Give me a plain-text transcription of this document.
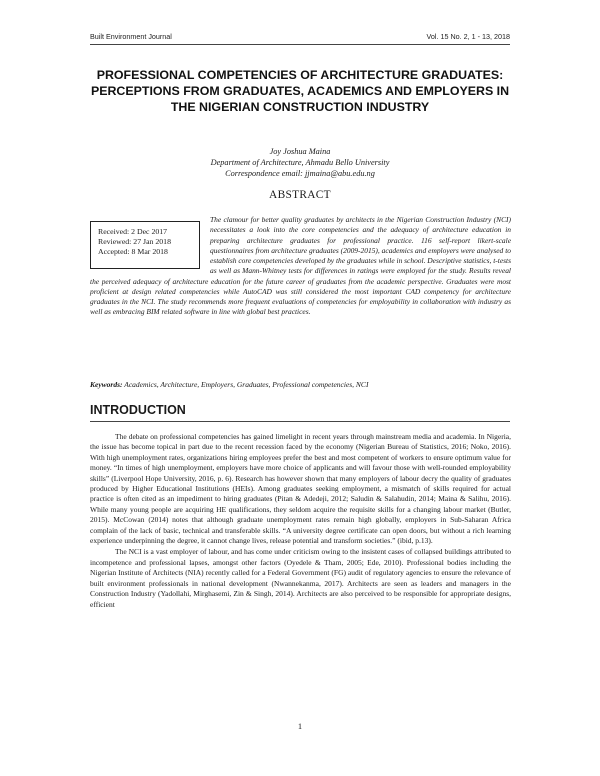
Built Environment Journal	Vol. 15 No. 2, 1 - 13, 2018
PROFESSIONAL COMPETENCIES OF ARCHITECTURE GRADUATES: PERCEPTIONS FROM GRADUATES, ACADEMICS AND EMPLOYERS IN THE NIGERIAN CONSTRUCTION INDUSTRY
Joy Joshua Maina
Department of Architecture, Ahmadu Bello University
Correspondence email: jjmaina@abu.edu.ng
ABSTRACT
Received: 2 Dec 2017
Reviewed: 27 Jan 2018
Accepted: 8 Mar 2018
The clamour for better quality graduates by architects in the Nigerian Construction Industry (NCI) necessitates a look into the core competencies and the adequacy of architecture education in preparing architecture graduates for professional practice. 116 self-report likert-scale questionnaires from architecture graduates (2009-2015), academics and employers were analysed to establish core competencies developed by the graduates while in school. Descriptive statistics, t-tests as well as Mann-Whitney tests for differences in ratings were employed for the study. Results reveal the perceived adequacy of architecture education for the future career of graduates from the academic perspective. Graduates were most proficient at design related competencies while AutoCAD was still considered the most important CAD competency for architecture graduates in the NCI. The study recommends more frequent evaluations of competencies for employability in collaboration with industry as well as embracing BIM related software in line with global best practices.
Keywords: Academics, Architecture, Employers, Graduates, Professional competencies, NCI
INTRODUCTION

The debate on professional competencies has gained limelight in recent years through mainstream media and academia. In Nigeria, the issue has become topical in part due to the recent recession faced by the economy (Nigerian Bureau of Statistics, 2016; Noko, 2016). With high unemployment rates, organizations hiring employees prefer the best and most competent of workers to ensure optimum value for money. “In times of high unemployment, employers have more choice of applicants and will favour those with well-rounded employability skills” (Liverpool Hope University, 2016, p. 6). Research has however shown that many employers of labour decry the quality of graduates produced by Higher Educational Institutions (HEIs). Among graduates seeking employment, a mismatch of skills required for actual practice is often cited as an impediment to hiring graduates (Pitan & Adedeji, 2012; Saludin & Salahudin, 2014; Maina & Salihu, 2016). While many young people are acquiring HE qualifications, they seldom acquire the requisite skills for a changing labour market (Butler, 2015). McCowan (2014) notes that although graduate unemployment rates remain high globally, employers in Sub-Saharan Africa complain of the lack of basic, technical and transferable skills. “A university degree certificate can open doors, but without a rich learning experience underpinning the degree, it cannot change lives, release potential and transform societies.” (ibid, p.13).

The NCI is a vast employer of labour, and has come under criticism owing to the insistent cases of collapsed buildings attributed to incompetence and professional lapses, amongst other factors (Oyedele & Tham, 2005; Ede, 2010). Professional bodies including the Nigerian Institute of Architects (NIA) recently called for a Federal Government (FG) audit of regulatory agencies to ensure the relevance of built environment professionals in national development (Nwannekanma, 2017). Architects are seen as leaders and managers in the Construction Industry (Yadollahi, Mirghasemi, Zin & Singh, 2014). Architects are also perceived to be responsible for appropriate designs, efficient

1
